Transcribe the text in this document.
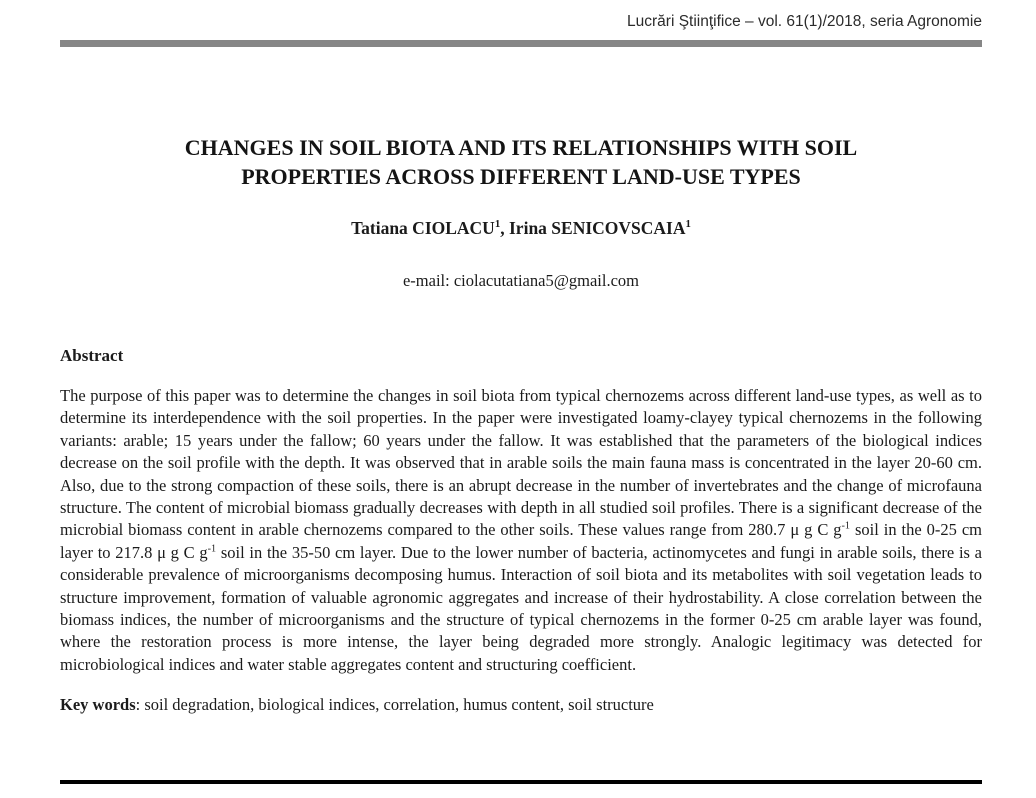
Lucrări Ştiinţifice – vol. 61(1)/2018, seria Agronomie
CHANGES IN SOIL BIOTA AND ITS RELATIONSHIPS WITH SOIL
PROPERTIES ACROSS DIFFERENT LAND-USE TYPES
Tatiana CIOLACU$^1$, Irina SENICOVSCAIA$^1$
e-mail: ciolacutatiana5@gmail.com
Abstract

The purpose of this paper was to determine the changes in soil biota from typical chernozems across different land-use types, as well as to determine its interdependence with the soil properties. In the paper were investigated loamy-clayey typical chernozems in the following variants: arable; 15 years under the fallow; 60 years under the fallow. It was established that the parameters of the biological indices decrease on the soil profile with the depth. It was observed that in arable soils the main fauna mass is concentrated in the layer 20-60 cm. Also, due to the strong compaction of these soils, there is an abrupt decrease in the number of invertebrates and the change of microfauna structure. The content of microbial biomass gradually decreases with depth in all studied soil profiles. There is a significant decrease of the microbial biomass content in arable chernozems compared to the other soils. These values range from 280.7 μ g C $g^{-1}$ soil in the 0-25 cm layer to 217.8 μ g C $g^{-1}$ soil in the 35-50 cm layer. Due to the lower number of bacteria, actinomycetes and fungi in arable soils, there is a considerable prevalence of microorganisms decomposing humus. Interaction of soil biota and its metabolites with soil vegetation leads to structure improvement, formation of valuable agronomic aggregates and increase of their hydrostability. A close correlation between the biomass indices, the number of microorganisms and the structure of typical chernozems in the former 0-25 cm arable layer was found, where the restoration process is more intense, the layer being degraded more strongly. Analogic legitimacy was detected for microbiological indices and water stable aggregates content and structuring coefficient.

Key words: soil degradation, biological indices, correlation, humus content, soil structure
